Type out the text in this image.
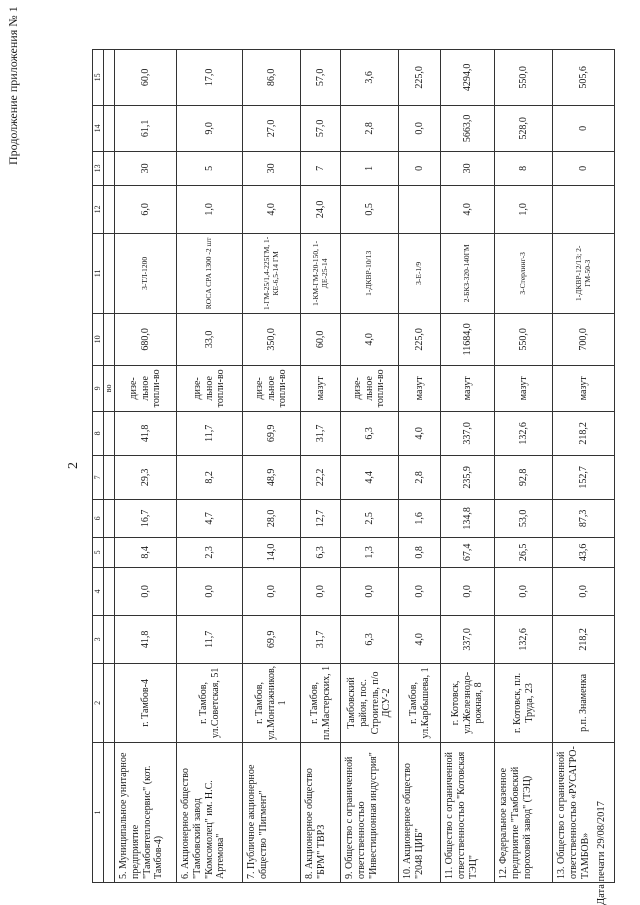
2
Продолжение приложения № 1
1	2	3	4	5	6	7	8	9	10	11	12	13	14	15
								во						
5. Муниципальное унитарное предприятие "Тамбовтеплосервис" (кот. Тамбов-4)	г. Тамбов-4	41,8	0,0	8,4	16,7	29,3	41,8	дизе-льное топли-во	680,0	3-ТЛ-1200	6,0	30	61,1	60,0
6. Акционерное общество "Тамбовский завод "Комсомолец" им. Н.С. Артемова"	г. Тамбов, ул.Советская, 51	11,7	0,0	2,3	4,7	8,2	11,7	дизе-льное топли-во	33,0	ROCA CPA 1300 -2 шт	1,0	5	9,0	17,0
7. Публичное акционерное общество "Пигмент"	г. Тамбов, ул.Монтажников, 1	69,9	0,0	14,0	28,0	48,9	69,9	дизе-льное топли-во	350,0	1-ГМ-25/1,4-225ГМ, 1-КЕ-6,5-14 ГМ	4,0	30	27,0	86,0
8. Акционерное общество "БРМ" ТВРЗ	г. Тамбов, пл.Мастерских, 1	31,7	0,0	6,3	12,7	22,2	31,7	мазут	60,0	1-КМ-ГМ-20-150, 1-ДЕ-25-14	24,0	7	57,0	57,0
9. Общество с ограниченной ответственностью "Инвестиционная индустрия"	Тамбовский район, пос. Строитель, п/о ДСУ-2	6,3	0,0	1,3	2,5	4,4	6,3	дизе-льное топли-во	4,0	1-ДКВР-10/13	0,5	1	2,8	3,6
10. Акционерное общество "2048 ЦИБ"	г. Тамбов, ул.Карбышева, 1	4,0	0,0	0,8	1,6	2,8	4,0	мазут	225,0	3-Е-1/9		0	0,0	225,0
11. Общество с ограниченной ответственностью "Котовская ТЭЦ"	г. Котовск, ул.Железнодо-рожная, 8	337,0	0,0	67,4	134,8	235,9	337,0	мазут	11684,0	2-БКЗ-320-140ГМ	4,0	30	5663,0	4294,0
12. Федеральное казенное предприятие "Тамбовский пороховой завод" (ТЭЦ)	г. Котовск, пл. Труда, 23	132,6	0,0	26,5	53,0	92,8	132,6	мазут	550,0	3-Стерлинг-3	1,0	8	528,0	550,0
13. Общество с ограниченной ответственностью «РУСАГРО-ТАМБОВ»	р.п. Знаменка	218,2	0,0	43,6	87,3	152,7	218,2	мазут	700,0	1-ДКВР-12/13; 2-ГМ-50-3		0	0	505,6
Дата печати 29/08/2017
